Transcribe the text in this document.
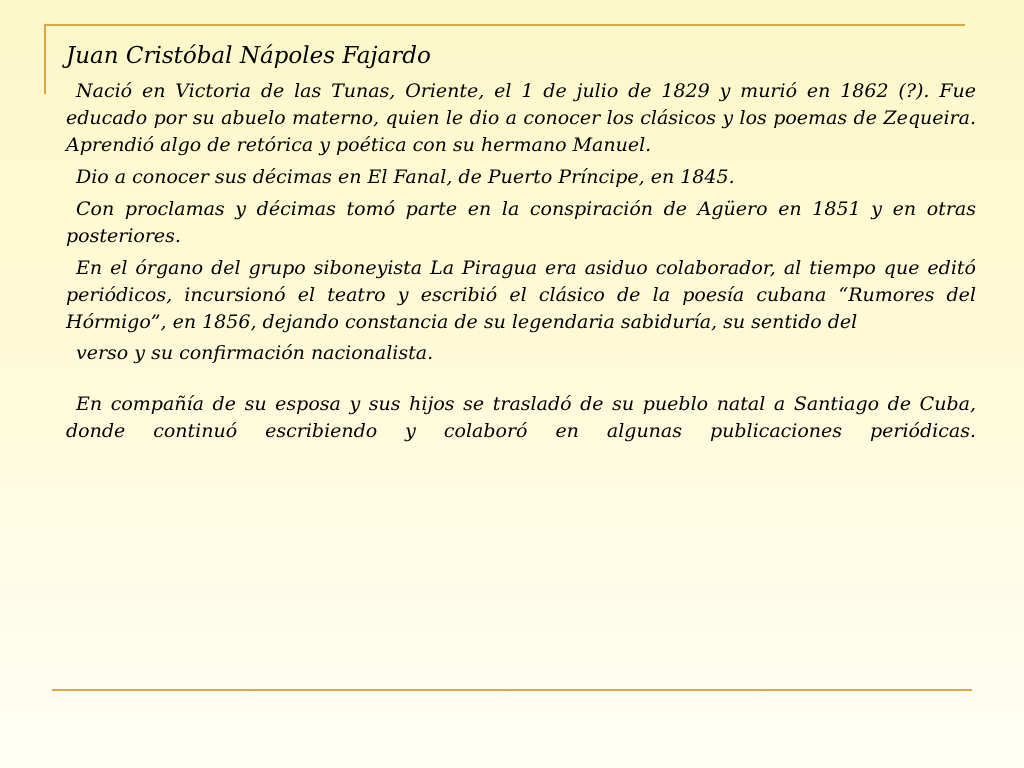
Juan Cristóbal Nápoles Fajardo

Nació en Victoria de las Tunas, Oriente, el 1 de julio de 1829 y murió en 1862 (?). Fue educado por su abuelo materno, quien le dio a conocer los clásicos y los poemas de Zequeira. Aprendió algo de retórica y poética con su hermano Manuel.

Dio a conocer sus décimas en El Fanal, de Puerto Príncipe, en 1845.

Con proclamas y décimas tomó parte en la conspiración de Agüero en 1851 y en otras posteriores.

En el órgano del grupo siboneyista La Piragua era asiduo colaborador, al tiempo que editó periódicos, incursionó el teatro y escribió el clásico de la poesía cubana “Rumores del Hórmigo”, en 1856, dejando constancia de su legendaria sabiduría, su sentido del

verso y su confirmación nacionalista.

En compañía de su esposa y sus hijos se trasladó de su pueblo natal a Santiago de Cuba, donde continuó escribiendo y colaboró en algunas publicaciones periódicas.
